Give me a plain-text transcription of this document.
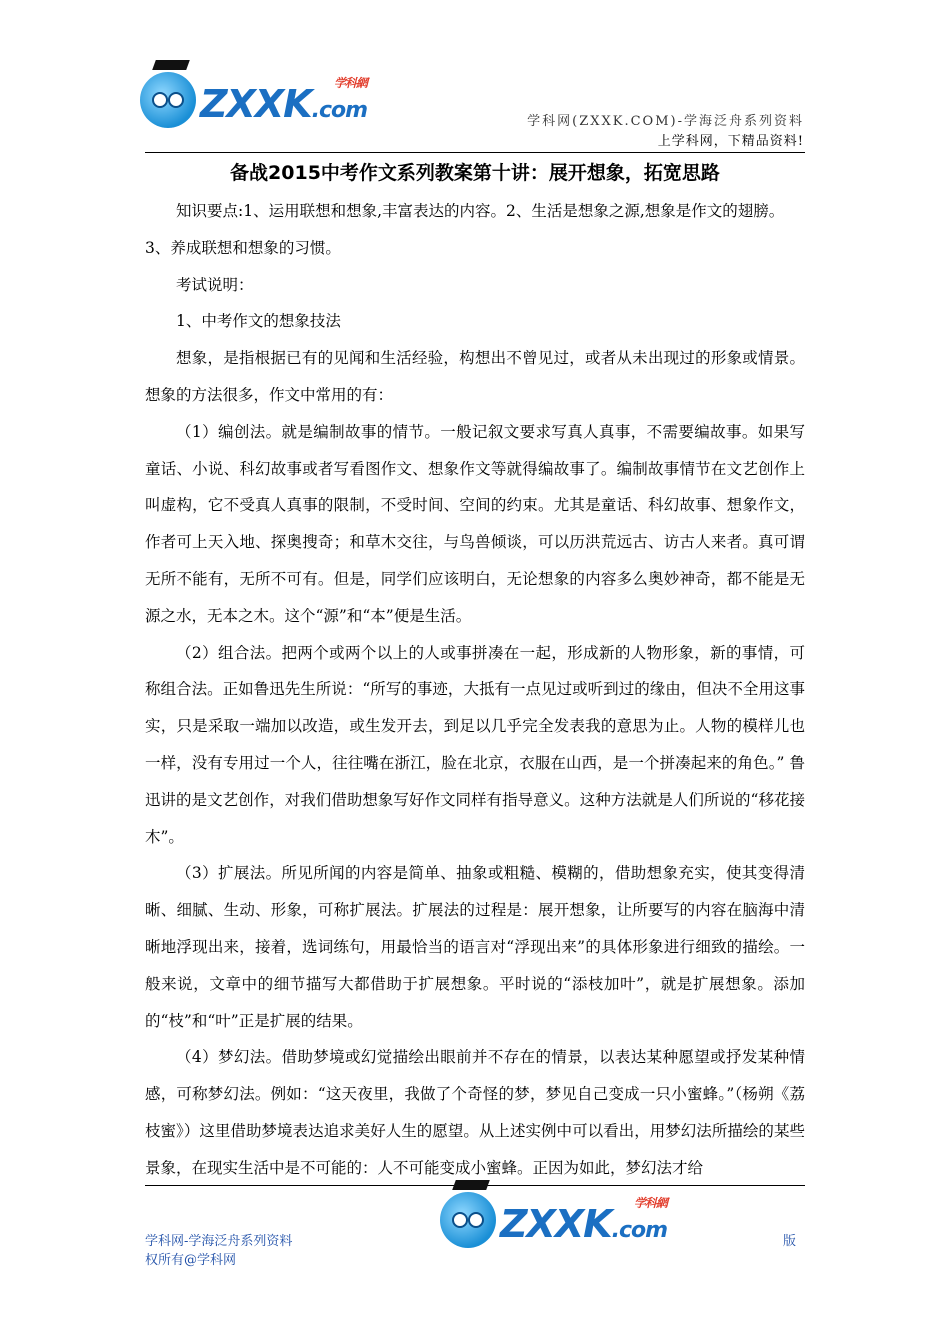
学科網
ZXXK.com	学科网(ZXXK.COM)-学海泛舟系列资料
上学科网，下精品资料!
备战2015中考作文系列教案第十讲：展开想象，拓宽思路

知识要点:1、运用联想和想象,丰富表达的内容。2、生活是想象之源,想象是作文的翅膀。

3、养成联想和想象的习惯。

考试说明：

1、中考作文的想象技法

想象，是指根据已有的见闻和生活经验，构想出不曾见过，或者从未出现过的形象或情景。想象的方法很多，作文中常用的有：

（1）编创法。就是编制故事的情节。一般记叙文要求写真人真事，不需要编故事。如果写童话、小说、科幻故事或者写看图作文、想象作文等就得编故事了。编制故事情节在文艺创作上叫虚构，它不受真人真事的限制，不受时间、空间的约束。尤其是童话、科幻故事、想象作文，作者可上天入地、探奥搜奇；和草木交往，与鸟兽倾谈，可以历洪荒远古、访古人来者。真可谓无所不能有，无所不可有。但是，同学们应该明白，无论想象的内容多么奥妙神奇，都不能是无源之水，无本之木。这个“源”和“本”便是生活。

（2）组合法。把两个或两个以上的人或事拼凑在一起，形成新的人物形象，新的事情，可称组合法。正如鲁迅先生所说：“所写的事迹，大抵有一点见过或听到过的缘由，但决不全用这事实，只是采取一端加以改造，或生发开去，到足以几乎完全发表我的意思为止。人物的模样儿也一样，没有专用过一个人，往往嘴在浙江，脸在北京，衣服在山西，是一个拼凑起来的角色。” 鲁迅讲的是文艺创作，对我们借助想象写好作文同样有指导意义。这种方法就是人们所说的“移花接木”。

（3）扩展法。所见所闻的内容是简单、抽象或粗糙、模糊的，借助想象充实，使其变得清晰、细腻、生动、形象，可称扩展法。扩展法的过程是：展开想象，让所要写的内容在脑海中清晰地浮现出来，接着，选词练句，用最恰当的语言对“浮现出来”的具体形象进行细致的描绘。一般来说，文章中的细节描写大都借助于扩展想象。平时说的“添枝加叶”，就是扩展想象。添加的“枝”和“叶”正是扩展的结果。

（4）梦幻法。借助梦境或幻觉描绘出眼前并不存在的情景，以表达某种愿望或抒发某种情感，可称梦幻法。例如：“这天夜里，我做了个奇怪的梦，梦见自己变成一只小蜜蜂。”（杨朔《荔枝蜜》）这里借助梦境表达追求美好人生的愿望。从上述实例中可以看出，用梦幻法所描绘的某些景象，在现实生活中是不可能的：人不可能变成小蜜蜂。正因为如此，梦幻法才给

学科網
ZXXK.com
学科网-学海泛舟系列资料
权所有@学科网
版
